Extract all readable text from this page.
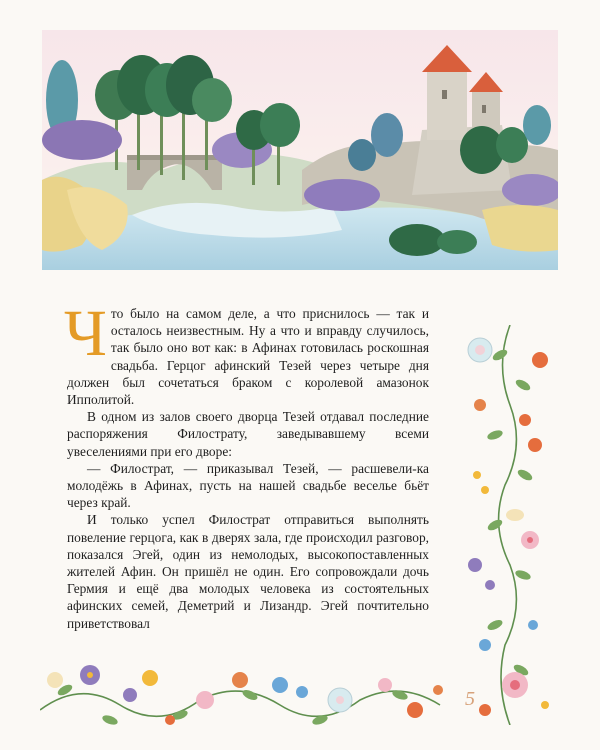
Что было на самом деле, а что приснилось — так и осталось неизвестным. Ну а что и вправду случилось, так было оно вот как: в Афинах готовилась роскошная свадьба. Герцог афинский Тезей через четыре дня должен был сочетаться браком с королевой амазонок Ипполитой.

В одном из залов своего дворца Тезей отдавал последние распоряжения Филострату, заведывавшему всеми увеселениями при его дворе:

— Филострат, — приказывал Тезей, — расшевели-ка молодёжь в Афинах, пусть на нашей свадьбе веселье бьёт через край.

И только успел Филострат отправиться выполнять повеление герцога, как в дверях зала, где происходил разговор, показался Эгей, один из немолодых, высокопоставленных жителей Афин. Он пришёл не один. Его сопровождали дочь Гермия и ещё два молодых человека из состоятельных афинских семей, Деметрий и Лизандр. Эгей почтительно приветствовал

5
